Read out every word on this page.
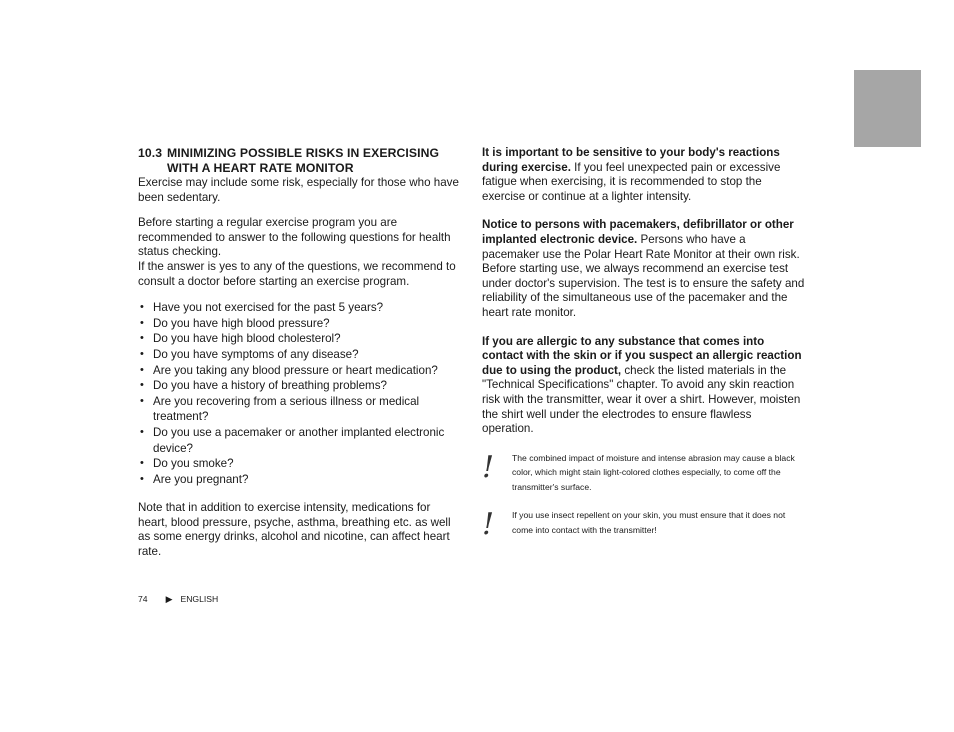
10.3 MINIMIZING POSSIBLE RISKS IN EXERCISING
WITH A HEART RATE MONITOR

Exercise may include some risk, especially for those who have been sedentary.

Before starting a regular exercise program you are recommended to answer to the following questions for health status checking.

If the answer is yes to any of the questions, we recommend to consult a doctor before starting an exercise program.

• Have you not exercised for the past 5 years?
• Do you have high blood pressure?
• Do you have high blood cholesterol?
• Do you have symptoms of any disease?
• Are you taking any blood pressure or heart medication?
• Do you have a history of breathing problems?
• Are you recovering from a serious illness or medical treatment?
• Do you use a pacemaker or another implanted electronic device?
• Do you smoke?
• Are you pregnant?

Note that in addition to exercise intensity, medications for heart, blood pressure, psyche, asthma, breathing etc. as well as some energy drinks, alcohol and nicotine, can affect heart rate.

It is important to be sensitive to your body's reactions during exercise. If you feel unexpected pain or excessive fatigue when exercising, it is recommended to stop the exercise or continue at a lighter intensity.

Notice to persons with pacemakers, defibrillator or other implanted electronic device. Persons who have a pacemaker use the Polar Heart Rate Monitor at their own risk. Before starting use, we always recommend an exercise test under doctor's supervision. The test is to ensure the safety and reliability of the simultaneous use of the pacemaker and the heart rate monitor.

If you are allergic to any substance that comes into contact with the skin or if you suspect an allergic reaction due to using the product, check the listed materials in the "Technical Specifications" chapter. To avoid any skin reaction risk with the transmitter, wear it over a shirt. However, moisten the shirt well under the electrodes to ensure flawless operation.

! The combined impact of moisture and intense abrasion may cause a black color, which might stain light-colored clothes especially, to come off the transmitter's surface.
! If you use insect repellent on your skin, you must ensure that it does not come into contact with the transmitter!
74 ▶ ENGLISH
